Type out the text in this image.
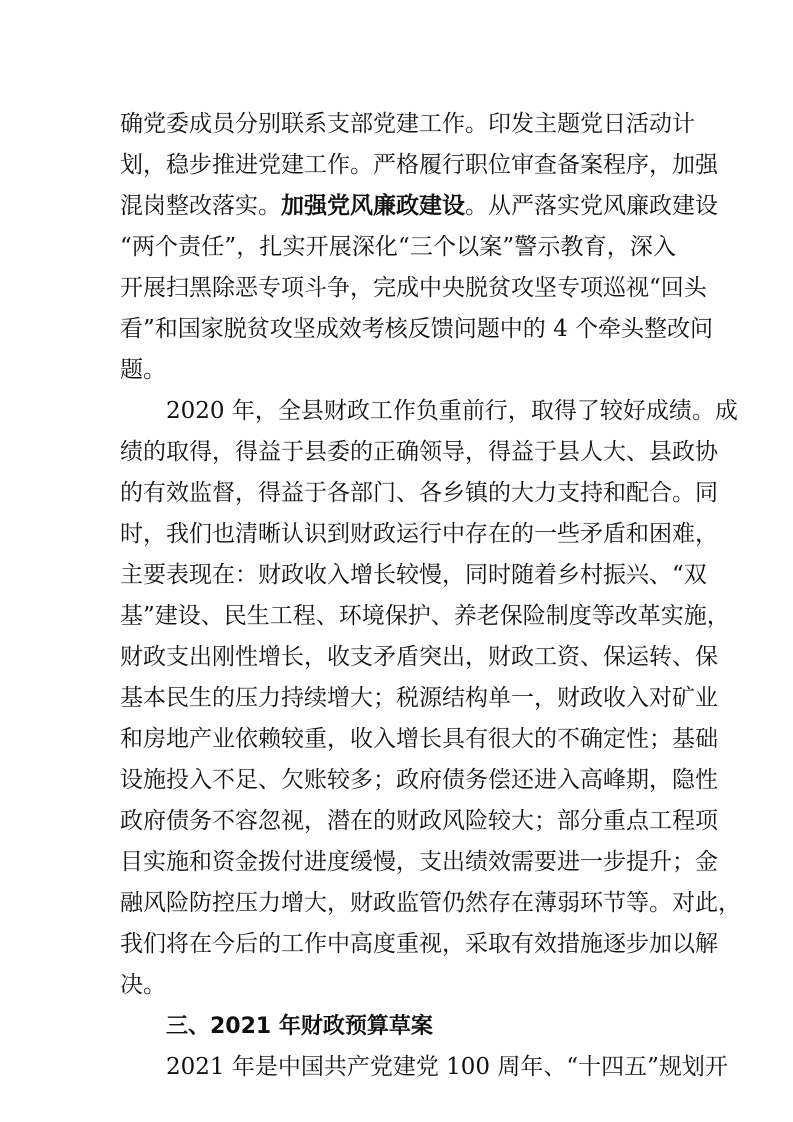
确党委成员分别联系支部党建工作。印发主题党日活动计
划，稳步推进党建工作。严格履行职位审查备案程序，加强
混岗整改落实。加强党风廉政建设。从严落实党风廉政建设
“两个责任”，扎实开展深化“三个以案”警示教育，深入
开展扫黑除恶专项斗争，完成中央脱贫攻坚专项巡视“回头
看”和国家脱贫攻坚成效考核反馈问题中的 4 个牵头整改问
题。
2020 年，全县财政工作负重前行，取得了较好成绩。成
绩的取得，得益于县委的正确领导，得益于县人大、县政协
的有效监督，得益于各部门、各乡镇的大力支持和配合。同
时，我们也清晰认识到财政运行中存在的一些矛盾和困难，
主要表现在：财政收入增长较慢，同时随着乡村振兴、“双
基”建设、民生工程、环境保护、养老保险制度等改革实施，
财政支出刚性增长，收支矛盾突出，财政工资、保运转、保
基本民生的压力持续增大；税源结构单一，财政收入对矿业
和房地产业依赖较重，收入增长具有很大的不确定性；基础
设施投入不足、欠账较多；政府债务偿还进入高峰期，隐性
政府债务不容忽视，潜在的财政风险较大；部分重点工程项
目实施和资金拨付进度缓慢，支出绩效需要进一步提升；金
融风险防控压力增大，财政监管仍然存在薄弱环节等。对此，
我们将在今后的工作中高度重视，采取有效措施逐步加以解
决。
三、2021 年财政预算草案
2021 年是中国共产党建党 100 周年、“十四五”规划开
